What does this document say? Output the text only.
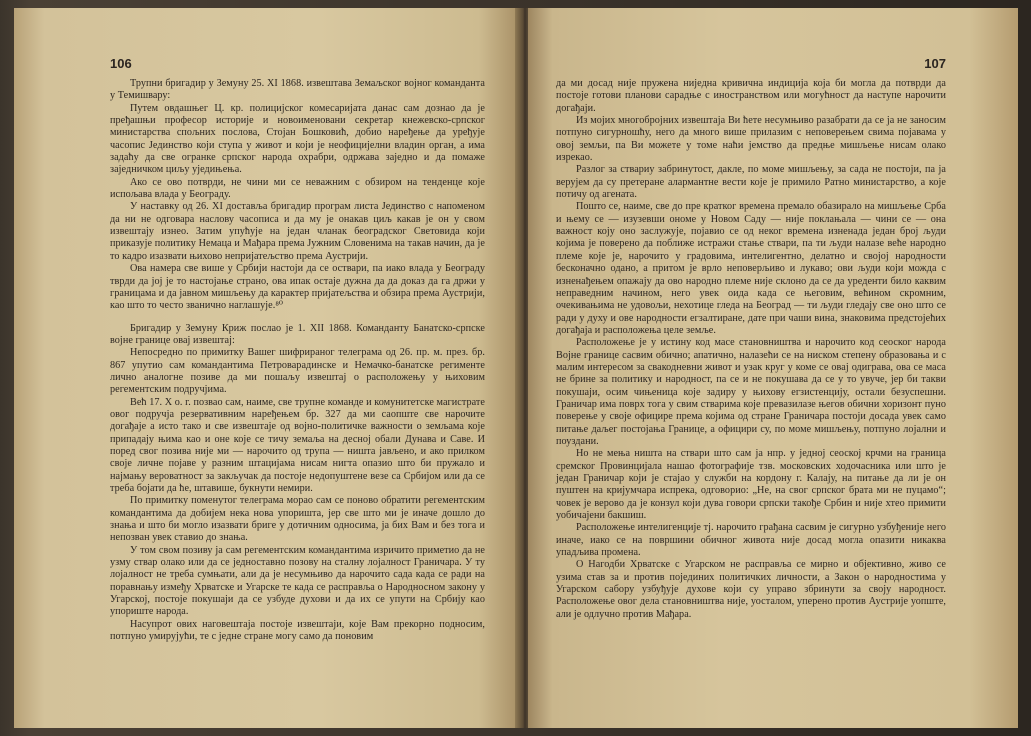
106

Трупни бригадир у Земуну 25. XI 1868. извештава Земаљског војног команданта у Темишвару:

Путем овдашњег Ц. кр. полицијског комесаријата данас сам дознао да је пређашњи професор историје и новоименовани секретар кнежевско-српског министарства спољних послова, Стојан Бошковић, добио наређење да уређује часопис Јединство који ступа у живот и који је неофицијелни владин орган, а има задаћу да све огранке српског народа охрабри, одржава заједно и да помаже заједничком циљу уједињења.

Ако се ово потврди, не чини ми се неважним с обзиром на тенденце које испољава влада у Београду.

У наставку од 26. XI доставља бригадир програм листа Јединство с напоменом да ни не одговара наслову часописа и да му је онакав циљ какав је он у свом извештају изнео. Затим упућује на један чланак београдског Световида који приказује политику Немаца и Мађара према Јужним Словенима на такав начин, да је то кадро изазвати њихово непријатељство према Аустрији.

Ова намера све више у Србији настоји да се оствари, па иако влада у Београду тврди да јој је то настојање страно, ова ипак остаје дужна да да доказ да га држи у границама и да јавном мишљењу да карактер пријатељства и обзира према Аустрији, као што то често званично наглашује.⁸⁰

Бригадир у Земуну Криж послао је 1. XII 1868. Команданту Банатско-српске војне границе овај извештај:

Непосредно по примитку Вашег шифрираног телеграма од 26. пр. м. през. бр. 867 упутио сам командантима Петроварадинске и Немачко-банатске регименте лично аналогне позиве да ми пошаљу извештај о расположењу у њиховим регементским подручјима.

Већ 17. Х о. г. позвао сам, наиме, све трупне команде и комунитетске магистрате овог подручја резервативним наређењем бр. 327 да ми саопште све нарочите догађаје а исто тако и све извештаје од војно-политичке важности о земљама које припадају њима као и оне које се тичу земаља на десној обали Дунава и Саве. И поред свог позива није ми — нарочито од трупа — ништа јављено, и ако прилком своје личне појаве у разним штацијама нисам нигта опазио што би пружало и најмању вероватност за закључак да постоје недопуштене везе са Србијом или да се треба бојати да ће, штавише, букнути немири.

По примитку поменутог телеграма морао сам се поново обратити регементским командантима да добијем нека нова упоришта, јер све што ми је иначе дошло до знања и што би могло изазвати бриге у дотичним односима, ја бих Вам и без тога и непозван увек ставио до знања.

У том свом позиву ја сам регементским командантима изричито приметио да не узму ствар олако или да се једноставно позову на сталну лојалност Граничара. У ту лојалност не треба сумњати, али да је несумњиво да нарочито сада када се ради на поравнању између Хрватске и Угарске те када се расправља о Народносном закону у Угарској, постоје покушаји да се узбуде духови и да их се упути на Србију као упориште народа.

Насупрот ових наговештаја постоје извештаји, које Вам прекорно подносим, потпуно умирујући, те с једне стране могу само да поновим

107

да ми досад није пружена ниједна кривична индиција која би могла да потврди да постоје готови планови сарадње с иностранством или могућност да наступе нарочити догађаји.

Из мојих многобројних извештаја Ви ћете несумњиво разабрати да се ја не заносим потпуно сигурношћу, него да много више прилазим с неповерењем свима појавама у овој земљи, па Ви можете у томе наћи јемство да предње мишљење нисам олако изрекао.

Разлог за ствариу забринутост, дакле, по моме мишљењу, за сада не постоји, па ја верујем да су претеране алармантне вести које је примило Ратно министарство, а које потичу од агената.

Пошто се, наиме, све до пре кратког времена премало обазирало на мишљење Срба и њему се — изузевши ономе у Новом Саду — није поклањала — чини се — она важност коју оно заслужује, појавио се од неког времена изненада један број људи којима је поверено да поближе истражи стање ствари, па ти људи налазе веће народно племе које је, нарочито у градовима, интелигентно, делатно и својој народности бесконачно одано, а притом је врло неповерљиво и лукаво; ови људи који можда с изненађењем опажају да ово народно племе није склоно да се да уреденти било каквим неправедним начином, него увек оида када се његовим, већином скромним, очекивањима не удовољи, нехотице гледа на Београд — ти људи гледају све оно што се ради у духу и ове народности егзалтиране, дате при чаши вина, знаковима предстојећих догађаја и расположења целе земље.

Расположење је у истину код масе становништва и нарочито код сеоског народа Војне границе сасвим обично; апатично, налазећи се на ниском степену образовања и с малим интересом за свакодневни живот и узак круг у коме се овај одиграва, ова се маса не брине за политику и народност, па се и не покушава да се у то увуче, јер би такви покушаји, осим чињеница које задиру у њихову егзистенцију, остали безуспешни. Граничар има поврх тога у свим стварима које превазилазе његов обични хоризонт пуно поверење у своје официре према којима од стране Граничара постоји досада увек само питање даљег постојања Границе, а официри су, по моме мишљењу, потпуно лојални и поуздани.

Но не мења ништа на ствари што сам ја нпр. у једној сеоској крчми на граница сремског Провинцијала нашао фотографије тзв. московских ходочасника или што је један Граничар који је стајао у служби на кордону г. Калају, на питање да ли је он пуштен на кријумчара испрека, одговорио: „Не, на свог српског брата ми не пуцамо“; човек је верово да је конзул који дува говори српски такође Србин и није хтео примити уобичајени бакшиш.

Расположење интелигенције тј. нарочито грађана сасвим је сигурно узбуђеније него иначе, иако се на површини обичног живота није досад могла опазити никаква упадљива промена.

О Нагодби Хрватске с Угарском не расправља се мирно и објективно, живо се узима став за и против појединих политичких личности, а Закон о народностима у Угарском сабору узбуђује духове који су управо збринути за своју народност. Расположење овог дела становништва није, уосталом, уперено против Аустрије уопште, али је одлучно против Мађара.
